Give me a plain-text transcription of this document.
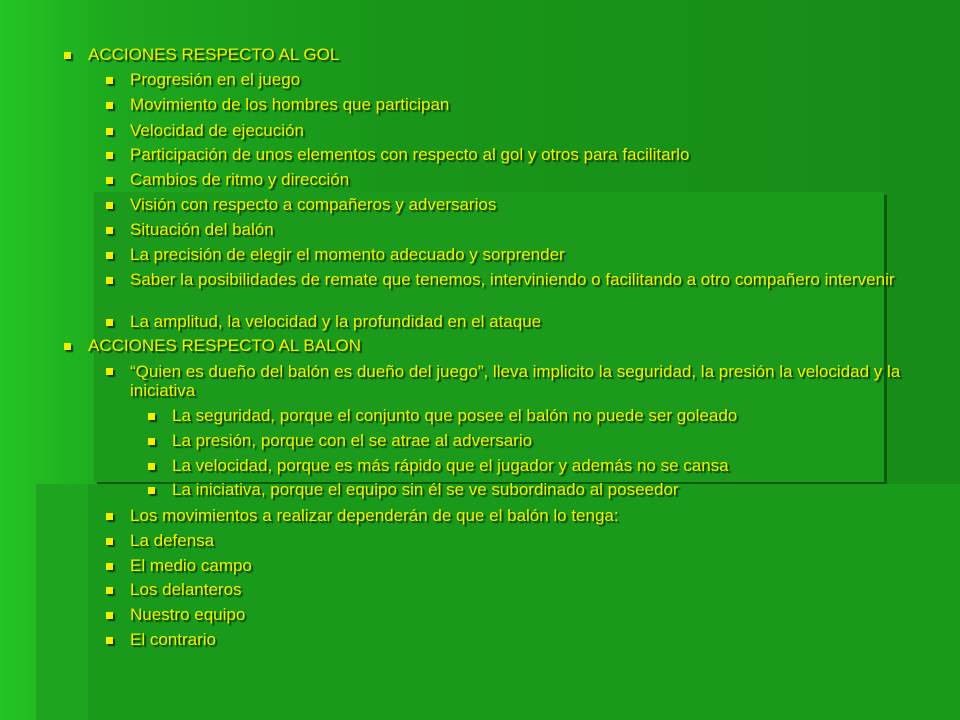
ACCIONES RESPECTO AL GOL
Progresión en el juego
Movimiento de los hombres que participan
Velocidad de ejecución
Participación de unos elementos con respecto al gol y otros para facilitarlo
Cambios de ritmo y dirección
Visión con respecto a compañeros y adversarios
Situación del balón
La precisión de elegir el momento adecuado y sorprender
Saber la posibilidades de remate que tenemos, interviniendo o facilitando a otro compañero intervenir
La amplitud, la velocidad y la profundidad en el ataque
ACCIONES RESPECTO AL BALON
“Quien es dueño del balón es dueño del juego”, lleva implicito la seguridad, la presión la velocidad y la iniciativa
La seguridad, porque el conjunto que posee el balón no puede ser goleado
La presión, porque con el se atrae al adversario
La velocidad, porque es más rápido que el jugador y además no se cansa
La iniciativa, porque el equipo sin él se ve subordinado al poseedor
Los movimientos a realizar dependerán de que el balón lo tenga:
La defensa
El medio campo
Los delanteros
Nuestro equipo
El contrario
